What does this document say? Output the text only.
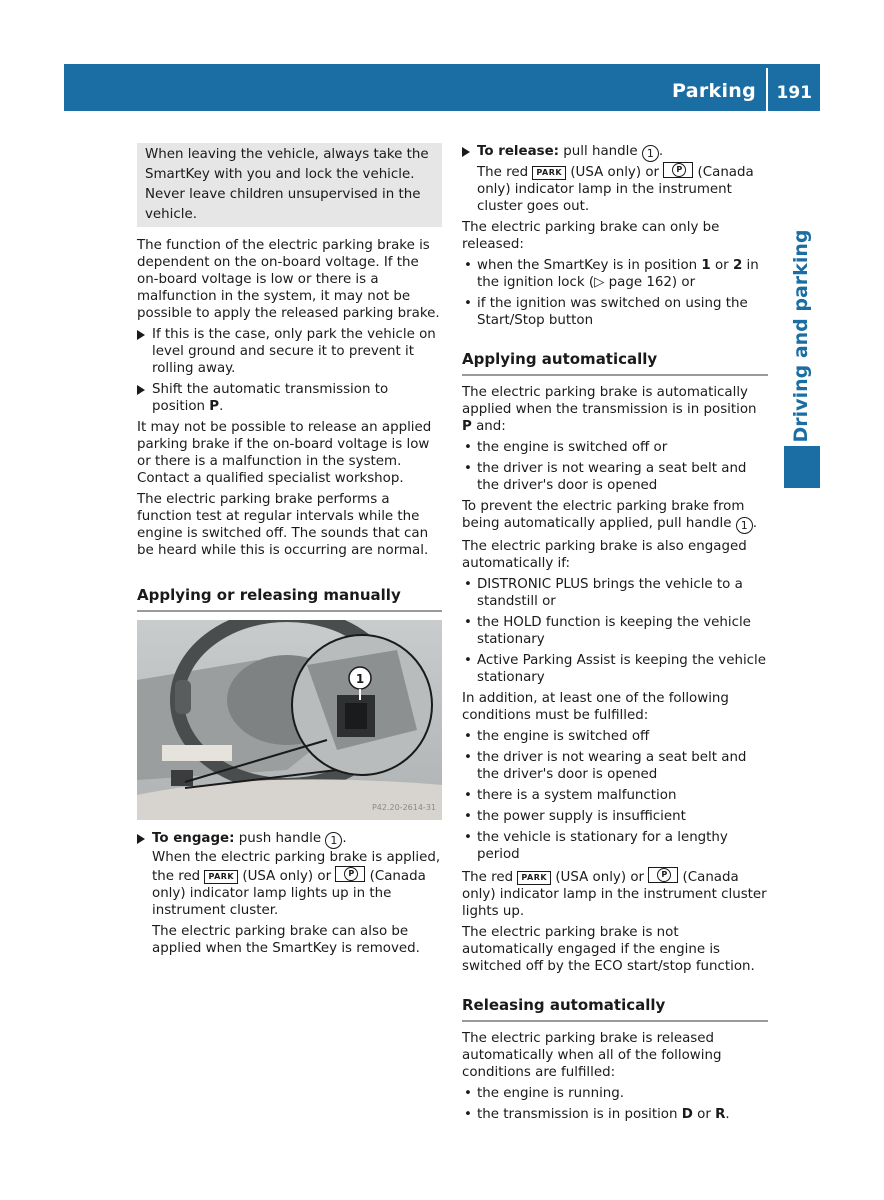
Parking 191
Driving and parking
When leaving the vehicle, always take the SmartKey with you and lock the vehicle. Never leave children unsupervised in the vehicle.

The function of the electric parking brake is dependent on the on-board voltage. If the on-board voltage is low or there is a malfunction in the system, it may not be possible to apply the released parking brake.

If this is the case, only park the vehicle on level ground and secure it to prevent it rolling away.
Shift the automatic transmission to position P.

It may not be possible to release an applied parking brake if the on-board voltage is low or there is a malfunction in the system. Contact a qualified specialist workshop.

The electric parking brake performs a function test at regular intervals while the engine is switched off. The sounds that can be heard while this is occurring are normal.

Applying or releasing manually
1
P42.20-2614-31
To engage: push handle 1 .
When the electric parking brake is applied, the red PARK (USA only) or P (Canada only) indicator lamp lights up in the instrument cluster.

The electric parking brake can also be applied when the SmartKey is removed.

To release: pull handle 1 .
The red PARK (USA only) or P (Canada only) indicator lamp in the instrument cluster goes out.

The electric parking brake can only be released:

• when the SmartKey is in position 1 or 2 in the ignition lock (▷ page 162) or
• if the ignition was switched on using the Start/Stop button
Applying automatically

The electric parking brake is automatically applied when the transmission is in position P and:

• the engine is switched off or
• the driver is not wearing a seat belt and the driver's door is opened

To prevent the electric parking brake from being automatically applied, pull handle 1 .

The electric parking brake is also engaged automatically if:

• DISTRONIC PLUS brings the vehicle to a standstill or
• the HOLD function is keeping the vehicle stationary
• Active Parking Assist is keeping the vehicle stationary

In addition, at least one of the following conditions must be fulfilled:

• the engine is switched off
• the driver is not wearing a seat belt and the driver's door is opened
• there is a system malfunction
• the power supply is insufficient
• the vehicle is stationary for a lengthy period

The red PARK (USA only) or P (Canada only) indicator lamp in the instrument cluster lights up.

The electric parking brake is not automatically engaged if the engine is switched off by the ECO start/stop function.

Releasing automatically

The electric parking brake is released automatically when all of the following conditions are fulfilled:

• the engine is running.
• the transmission is in position D or R.
